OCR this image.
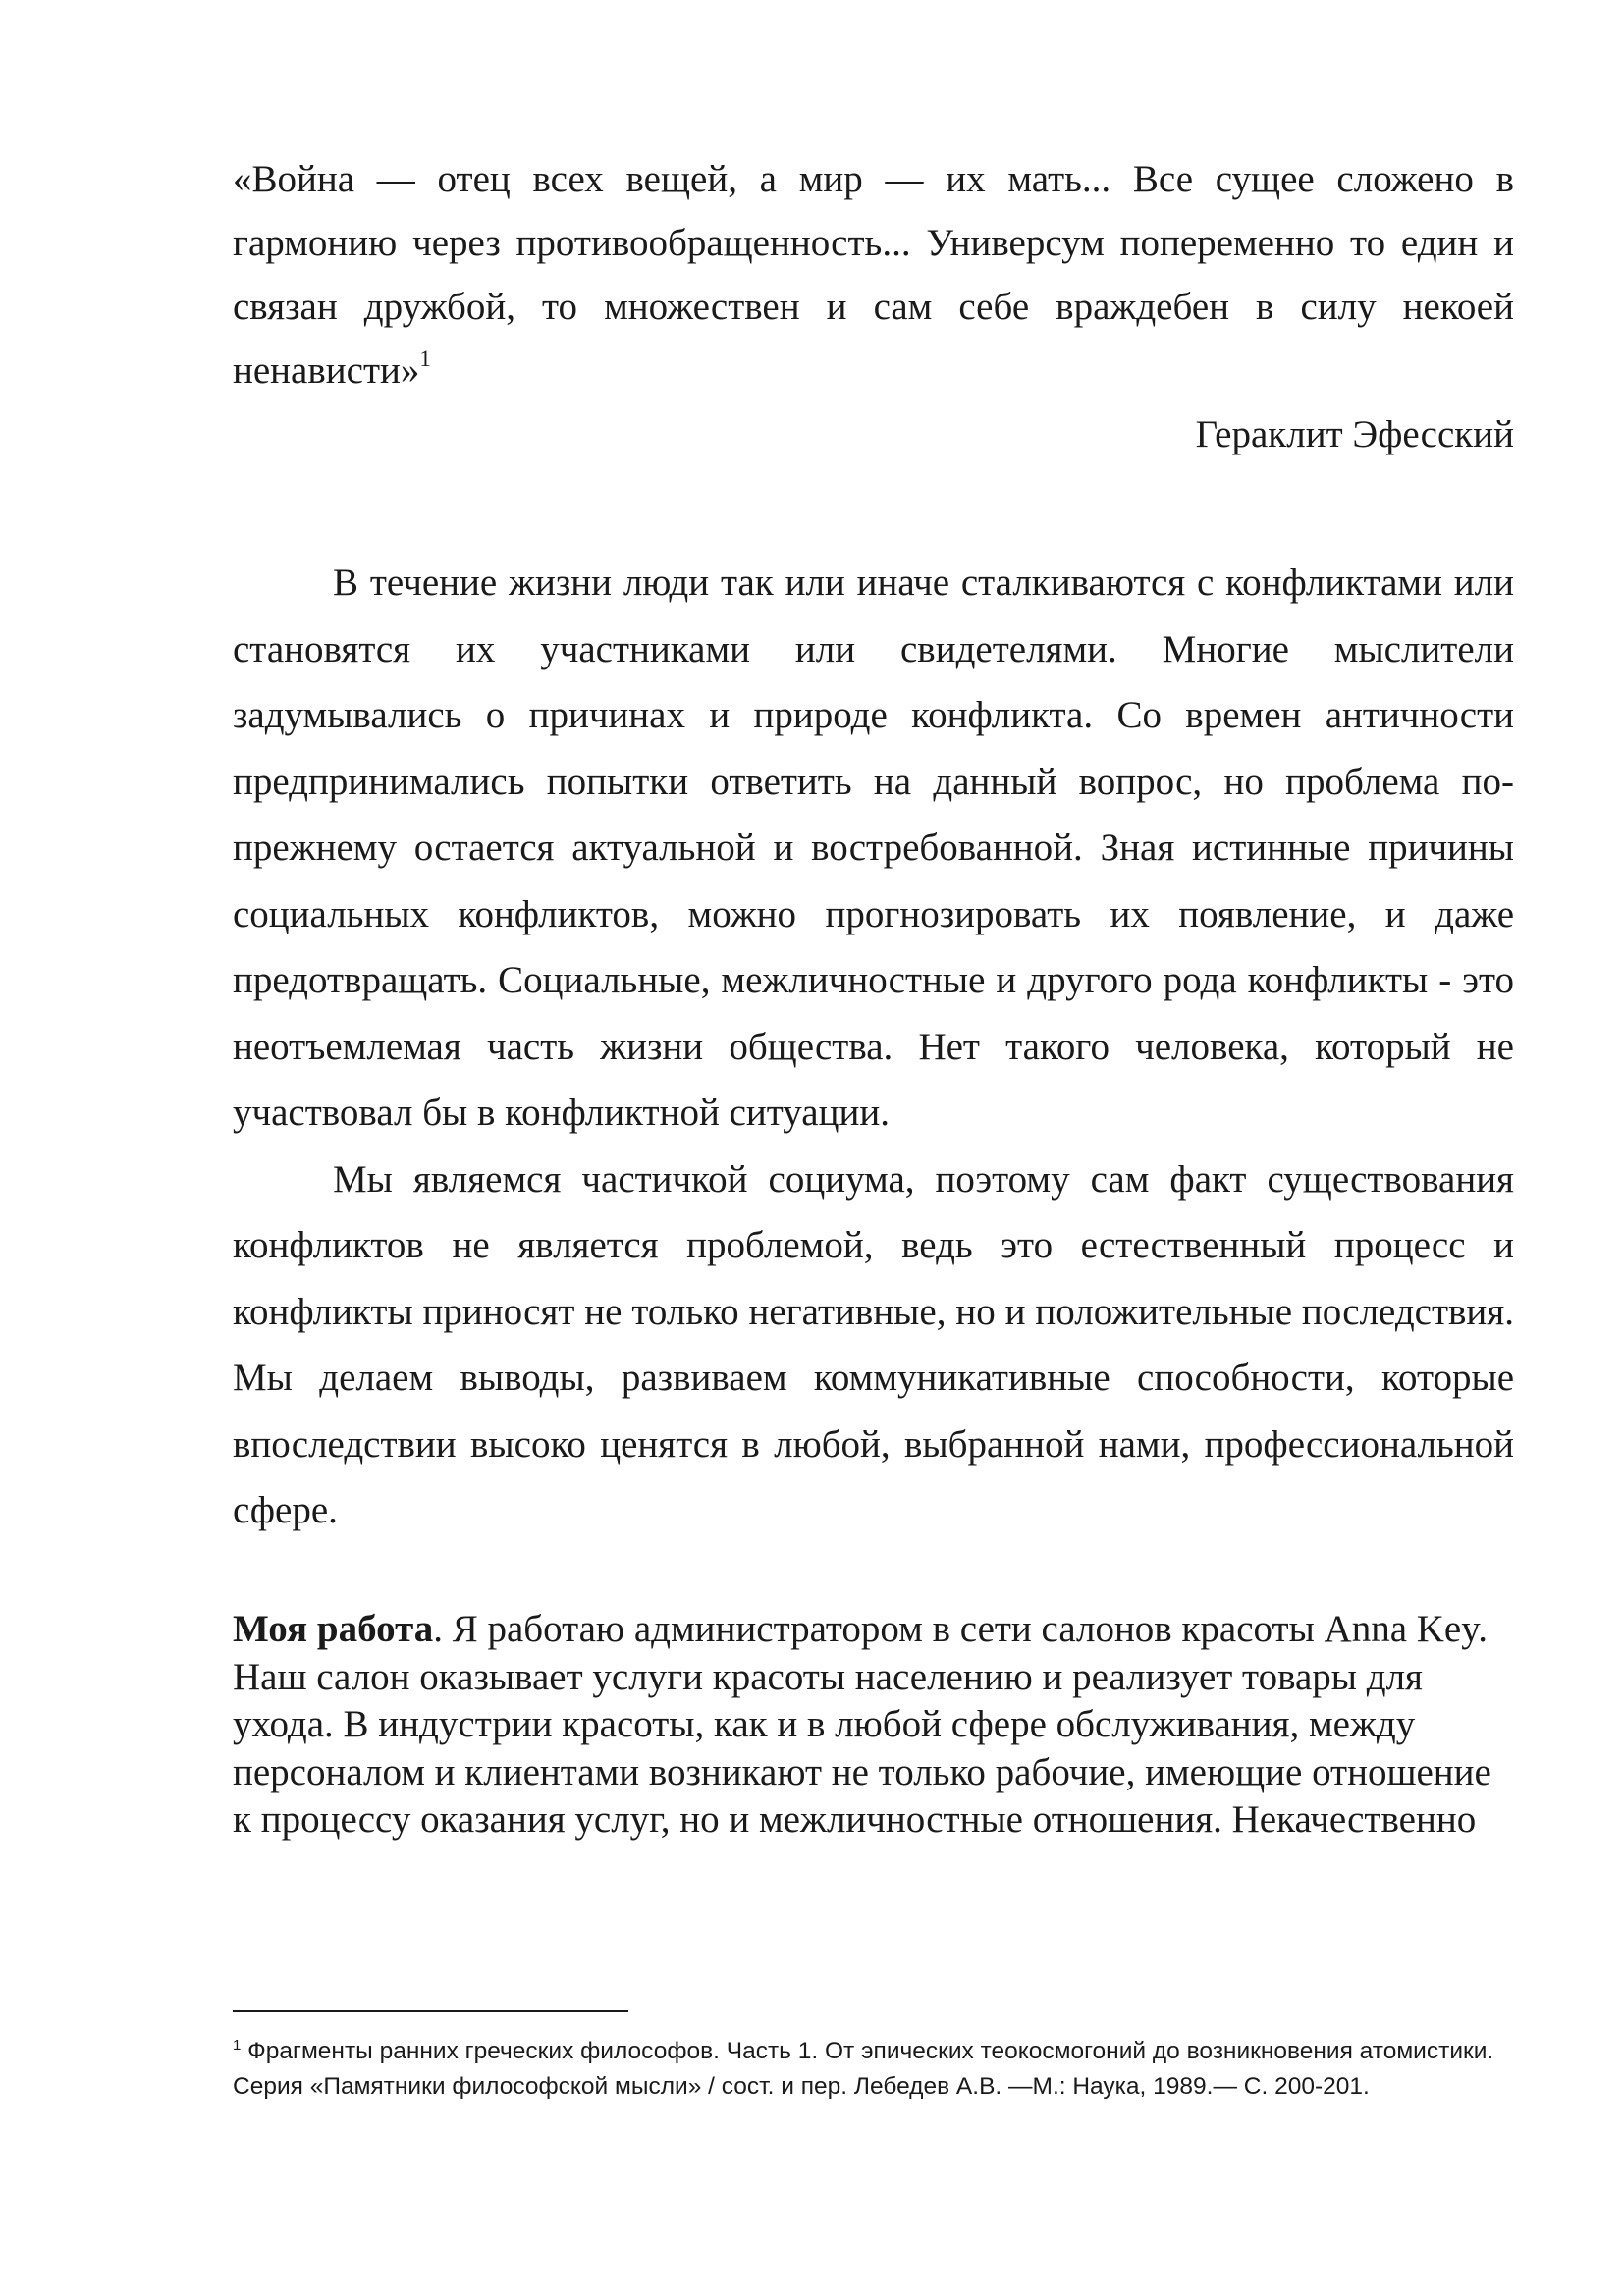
«Война — отец всех вещей, а мир — их мать... Все сущее сложено в гармонию через противообращенность... Универсум попеременно то един и связан дружбой, то множествен и сам себе враждебен в силу некоей ненависти»$^1$

Гераклит Эфесский

В течение жизни люди так или иначе сталкиваются с конфликтами или становятся их участниками или свидетелями. Многие мыслители задумывались о причинах и природе конфликта. Со времен античности предпринимались попытки ответить на данный вопрос, но проблема по-прежнему остается актуальной и востребованной. Зная истинные причины социальных конфликтов, можно прогнозировать их появление, и даже предотвращать. Социальные, межличностные и другого рода конфликты - это неотъемлемая часть жизни общества. Нет такого человека, который не участвовал бы в конфликтной ситуации.

Мы являемся частичкой социума, поэтому сам факт существования конфликтов не является проблемой, ведь это естественный процесс и конфликты приносят не только негативные, но и положительные последствия. Мы делаем выводы, развиваем коммуникативные способности, которые впоследствии высоко ценятся в любой, выбранной нами, профессиональной сфере.

Моя работа. Я работаю администратором в сети салонов красоты Anna Key. Наш салон оказывает услуги красоты населению и реализует товары для ухода. В индустрии красоты, как и в любой сфере обслуживания, между персоналом и клиентами возникают не только рабочие, имеющие отношение к процессу оказания услуг, но и межличностные отношения. Некачественно

$^1$ Фрагменты ранних греческих философов. Часть 1. От эпических теокосмогоний до возникновения атомистики. Серия «Памятники философской мысли» / сост. и пер. Лебедев А.В. —М.: Наука, 1989.— С. 200-201.
